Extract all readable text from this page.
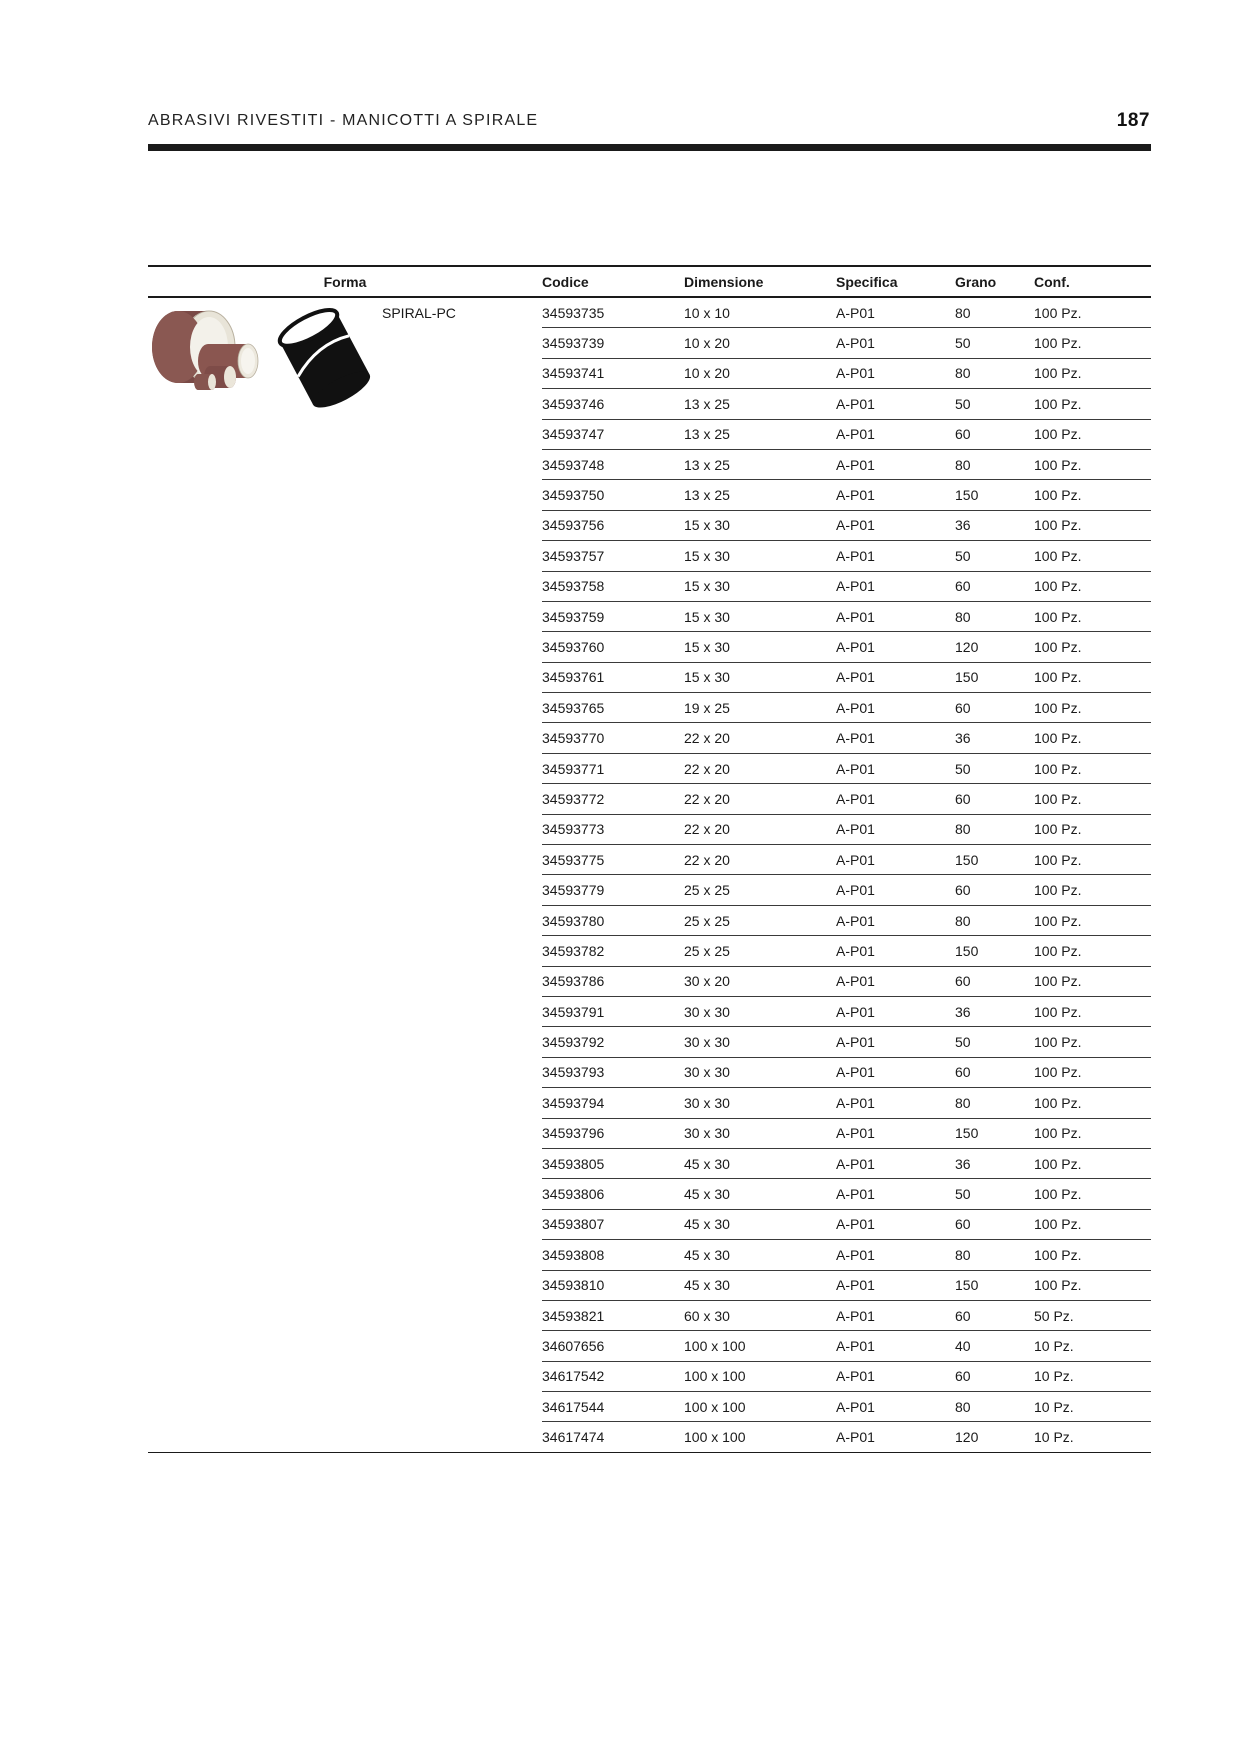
ABRASIVI RIVESTITI - MANICOTTI A SPIRALE	187
Forma	Codice	Dimensione	Specifica	Grano	Conf.

SPIRAL-PC	34593735	10 x 10	A-P01	80	100 Pz.
	34593739	10 x 20	A-P01	50	100 Pz.
	34593741	10 x 20	A-P01	80	100 Pz.
	34593746	13 x 25	A-P01	50	100 Pz.
	34593747	13 x 25	A-P01	60	100 Pz.
	34593748	13 x 25	A-P01	80	100 Pz.
	34593750	13 x 25	A-P01	150	100 Pz.
	34593756	15 x 30	A-P01	36	100 Pz.
	34593757	15 x 30	A-P01	50	100 Pz.
	34593758	15 x 30	A-P01	60	100 Pz.
	34593759	15 x 30	A-P01	80	100 Pz.
	34593760	15 x 30	A-P01	120	100 Pz.
	34593761	15 x 30	A-P01	150	100 Pz.
	34593765	19 x 25	A-P01	60	100 Pz.
	34593770	22 x 20	A-P01	36	100 Pz.
	34593771	22 x 20	A-P01	50	100 Pz.
	34593772	22 x 20	A-P01	60	100 Pz.
	34593773	22 x 20	A-P01	80	100 Pz.
	34593775	22 x 20	A-P01	150	100 Pz.
	34593779	25 x 25	A-P01	60	100 Pz.
	34593780	25 x 25	A-P01	80	100 Pz.
	34593782	25 x 25	A-P01	150	100 Pz.
	34593786	30 x 20	A-P01	60	100 Pz.
	34593791	30 x 30	A-P01	36	100 Pz.
	34593792	30 x 30	A-P01	50	100 Pz.
	34593793	30 x 30	A-P01	60	100 Pz.
	34593794	30 x 30	A-P01	80	100 Pz.
	34593796	30 x 30	A-P01	150	100 Pz.
	34593805	45 x 30	A-P01	36	100 Pz.
	34593806	45 x 30	A-P01	50	100 Pz.
	34593807	45 x 30	A-P01	60	100 Pz.
	34593808	45 x 30	A-P01	80	100 Pz.
	34593810	45 x 30	A-P01	150	100 Pz.
	34593821	60 x 30	A-P01	60	50 Pz.
	34607656	100 x 100	A-P01	40	10 Pz.
	34617542	100 x 100	A-P01	60	10 Pz.
	34617544	100 x 100	A-P01	80	10 Pz.
	34617474	100 x 100	A-P01	120	10 Pz.
